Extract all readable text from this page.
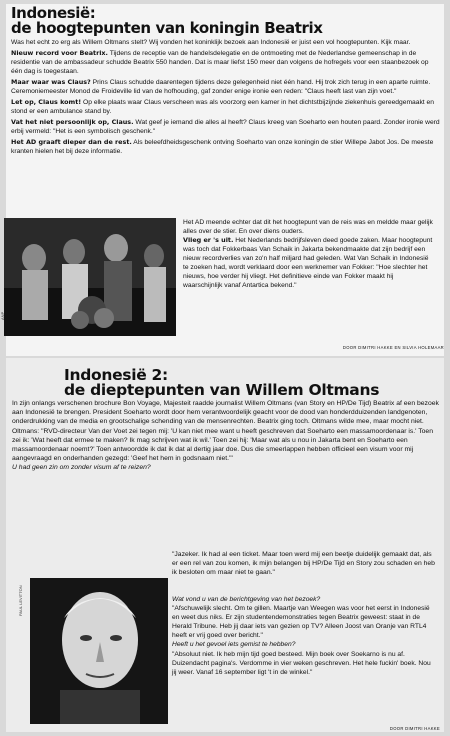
Indonesië:
de hoogtepunten van koningin Beatrix

Was het echt zo erg als Willem Oltmans stelt? Wij vonden het koninklijk bezoek aan Indonesië er juist een vol hoogtepunten. Kijk maar.

Nieuw record voor Beatrix. Tijdens de receptie van de handelsdelegatie en de ontmoeting met de Nederlandse gemeenschap in de residentie van de ambassadeur schudde Beatrix 550 handen. Dat is maar liefst 150 meer dan volgens de hofregels voor een staanbezoek op één dag is toegestaan.

Maar waar was Claus? Prins Claus schudde daarentegen tijdens deze gelegenheid niet één hand. Hij trok zich terug in een aparte ruimte. Ceremoniemeester Monod de Froideville lid van de hofhouding, gaf zonder enige ironie een reden: "Claus heeft last van zijn voet."

Let op, Claus komt! Op elke plaats waar Claus verscheen was als voorzorg een kamer in het dichtstbijzijnde ziekenhuis gereedgemaakt en stond er een ambulance stand by.

Vat het niet persoonlijk op, Claus. Wat geef je iemand die alles al heeft? Claus kreeg van Soeharto een houten paard. Zonder ironie werd erbij vermeld: "Het is een symbolisch geschenk."

Het AD graaft dieper dan de rest. Als beleefdheidsgeschenk ontving Soeharto van onze koningin de stier Willepe Jabot Jos. De meeste kranten hielen het bij deze informatie.

ANP

Het AD meende echter dat dit het hoogtepunt van de reis was en meldde maar gelijk alles over de stier. En over diens ouders.

Vlieg er 's uit. Het Nederlands bedrijfsleven deed goede zaken. Maar hoogtepunt was toch dat Fokkerbaas Van Schaik in Jakarta bekendmaakte dat zijn bedrijf een nieuw recordverlies van zo'n half miljard had geleden. Wat Van Schaik in Indonesië te zoeken had, wordt verklaard door een werknemer van Fokker: "Hoe slechter het nieuws, hoe verder hij vliegt. Het definitieve einde van Fokker maakt hij waarschijnlijk vanaf Antartica bekend."

DOOR DIMITRI HAKKE EN SILVIA HOLEMAAR
Indonesië 2:
de dieptepunten van Willem Oltmans

In zijn onlangs verschenen brochure Bon Voyage, Majesteit raadde journalist Willem Oltmans (van Story en HP/De Tijd) Beatrix af een bezoek aan Indonesië te brengen. President Soeharto wordt door hem verantwoordelijk geacht voor de dood van honderdduizenden landgenoten, onderdrukking van de media en grootschalige schending van de mensenrechten. Beatrix ging toch. Oltmans wilde mee, maar mocht niet.

Oltmans: "RVD-directeur Van der Voet zei tegen mij: 'U kan niet mee want u heeft geschreven dat Soeharto een massamoordenaar is.' Toen zei ik: 'Wat heeft dat ermee te maken? Ik mag schrijven wat ik wil.' Toen zei hij: 'Maar wat als u nou in Jakarta bent en Soeharto een massamoordenaar noemt?' Toen antwoordde ik dat ik dat al dertig jaar doe. Dus die smeerlappen hebben officieel een visum voor mij aangevraagd en onderhanden gezegd: 'Geef het hem in godsnaam niet.'"

U had geen zin om zonder visum af te reizen?

"Jazeker. Ik had al een ticket. Maar toen werd mij een beetje duidelijk gemaakt dat, als er een rel van zou komen, ik mijn belangen bij HP/De Tijd en Story zou schaden en heb ik besloten om maar niet te gaan."

PAUL LEVITTON	Wat vond u van de berichtgeving van het bezoek?

"Afschuwelijk slecht. Om te gillen. Maartje van Weegen was voor het eerst in Indonesië en weet dus niks. Er zijn studentendemonstraties tegen Beatrix geweest: staat in de Herald Tribune. Heb jij daar iets van gezien op TV? Alleen Joost van Oranje van RTL4 heeft er vrij goed over bericht."

Heeft u het gevoel iets gemist te hebben?

"Absoluut niet. Ik heb mijn tijd goed besteed. Mijn boek over Soekarno is nu af. Duizendacht pagina's. Verdomme in vier weken geschreven. Het hele fuckin' boek. Nou jij weer. Vanaf 16 september ligt 't in de winkel."

DOOR DIMITRI HAKKE
